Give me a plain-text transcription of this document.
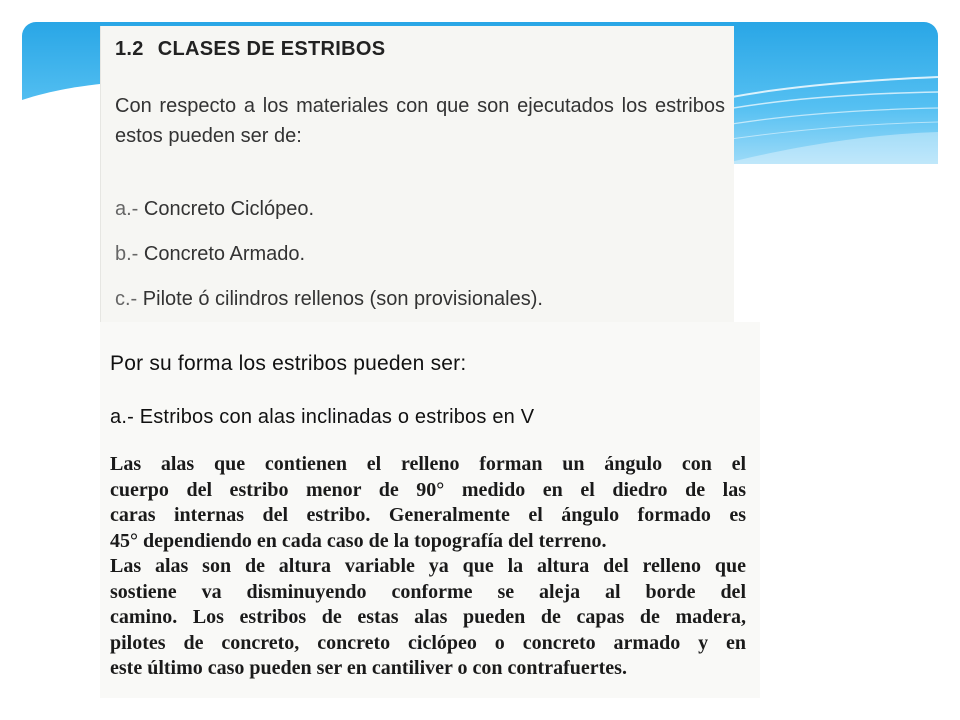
1.2 CLASES DE ESTRIBOS
Con respecto a los materiales con que son ejecutados los estribos estos pueden ser de:
a.- Concreto Ciclópeo.
b.- Concreto Armado.
c.- Pilote ó cilindros rellenos (son provisionales).
Por su forma los estribos pueden ser:
a.- Estribos con alas inclinadas o estribos en V

Las alas que contienen el relleno forman un ángulo con el

cuerpo del estribo menor de 90° medido en el diedro de las

caras internas del estribo. Generalmente el ángulo formado es

45° dependiendo en cada caso de la topografía del terreno.

Las alas son de altura variable ya que la altura del relleno que

sostiene va disminuyendo conforme se aleja al borde del

camino. Los estribos de estas alas pueden de capas de madera,

pilotes de concreto, concreto ciclópeo o concreto armado y en

este último caso pueden ser en cantiliver o con contrafuertes.
